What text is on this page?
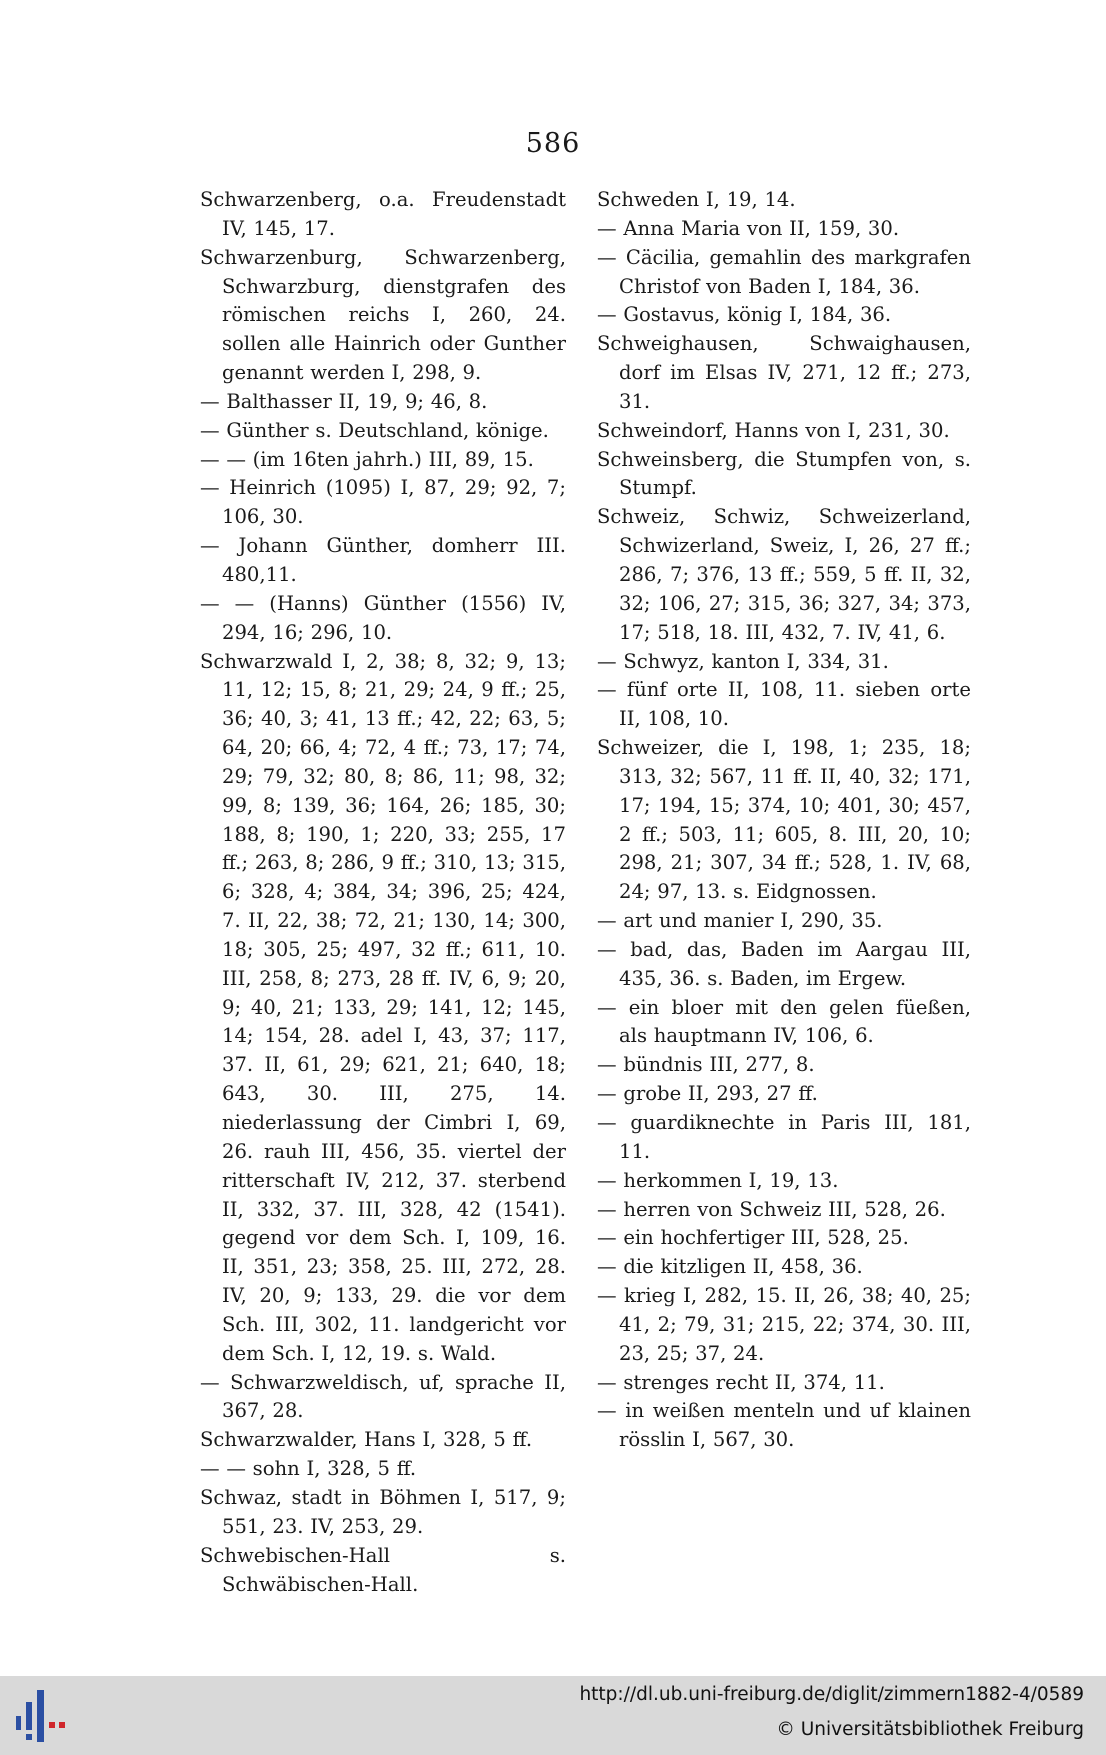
586
Schwarzenberg, o.a. Freudenstadt IV, 145, 17.
Schwarzenburg, Schwarzenberg, Schwarzburg, dienstgrafen des römischen reichs I, 260, 24. sollen alle Hainrich oder Gunther genannt werden I, 298, 9.
— Balthasser II, 19, 9; 46, 8.
— Günther s. Deutschland, könige.
— — (im 16ten jahrh.) III, 89, 15.
— Heinrich (1095) I, 87, 29; 92, 7; 106, 30.
— Johann Günther, domherr III. 480,11.
— — (Hanns) Günther (1556) IV, 294, 16; 296, 10.
Schwarzwald I, 2, 38; 8, 32; 9, 13; 11, 12; 15, 8; 21, 29; 24, 9 ff.; 25, 36; 40, 3; 41, 13 ff.; 42, 22; 63, 5; 64, 20; 66, 4; 72, 4 ff.; 73, 17; 74, 29; 79, 32; 80, 8; 86, 11; 98, 32; 99, 8; 139, 36; 164, 26; 185, 30; 188, 8; 190, 1; 220, 33; 255, 17 ff.; 263, 8; 286, 9 ff.; 310, 13; 315, 6; 328, 4; 384, 34; 396, 25; 424, 7. II, 22, 38; 72, 21; 130, 14; 300, 18; 305, 25; 497, 32 ff.; 611, 10. III, 258, 8; 273, 28 ff. IV, 6, 9; 20, 9; 40, 21; 133, 29; 141, 12; 145, 14; 154, 28. adel I, 43, 37; 117, 37. II, 61, 29; 621, 21; 640, 18; 643, 30. III, 275, 14. niederlassung der Cimbri I, 69, 26. rauh III, 456, 35. viertel der ritterschaft IV, 212, 37. sterbend II, 332, 37. III, 328, 42 (1541). gegend vor dem Sch. I, 109, 16. II, 351, 23; 358, 25. III, 272, 28. IV, 20, 9; 133, 29. die vor dem Sch. III, 302, 11. landgericht vor dem Sch. I, 12, 19. s. Wald.
— Schwarzweldisch, uf, sprache II, 367, 28.
Schwarzwalder, Hans I, 328, 5 ff.
— — sohn I, 328, 5 ff.
Schwaz, stadt in Böhmen I, 517, 9; 551, 23. IV, 253, 29.
Schwebischen-Hall s. Schwäbischen-Hall.
Schweden I, 19, 14.
— Anna Maria von II, 159, 30.
— Cäcilia, gemahlin des markgrafen Christof von Baden I, 184, 36.
— Gostavus, könig I, 184, 36.
Schweighausen, Schwaighausen, dorf im Elsas IV, 271, 12 ff.; 273, 31.
Schweindorf, Hanns von I, 231, 30.
Schweinsberg, die Stumpfen von, s. Stumpf.
Schweiz, Schwiz, Schweizerland, Schwizerland, Sweiz, I, 26, 27 ff.; 286, 7; 376, 13 ff.; 559, 5 ff. II, 32, 32; 106, 27; 315, 36; 327, 34; 373, 17; 518, 18. III, 432, 7. IV, 41, 6.
— Schwyz, kanton I, 334, 31.
— fünf orte II, 108, 11. sieben orte II, 108, 10.
Schweizer, die I, 198, 1; 235, 18; 313, 32; 567, 11 ff. II, 40, 32; 171, 17; 194, 15; 374, 10; 401, 30; 457, 2 ff.; 503, 11; 605, 8. III, 20, 10; 298, 21; 307, 34 ff.; 528, 1. IV, 68, 24; 97, 13. s. Eidgnossen.
— art und manier I, 290, 35.
— bad, das, Baden im Aargau III, 435, 36. s. Baden, im Ergew.
— ein bloer mit den gelen füeßen, als hauptmann IV, 106, 6.
— bündnis III, 277, 8.
— grobe II, 293, 27 ff.
— guardiknechte in Paris III, 181, 11.
— herkommen I, 19, 13.
— herren von Schweiz III, 528, 26.
— ein hochfertiger III, 528, 25.
— die kitzligen II, 458, 36.
— krieg I, 282, 15. II, 26, 38; 40, 25; 41, 2; 79, 31; 215, 22; 374, 30. III, 23, 25; 37, 24.
— strenges recht II, 374, 11.
— in weißen menteln und uf klainen rösslin I, 567, 30.
http://dl.ub.uni-freiburg.de/diglit/zimmern1882-4/0589
© Universitätsbibliothek Freiburg
